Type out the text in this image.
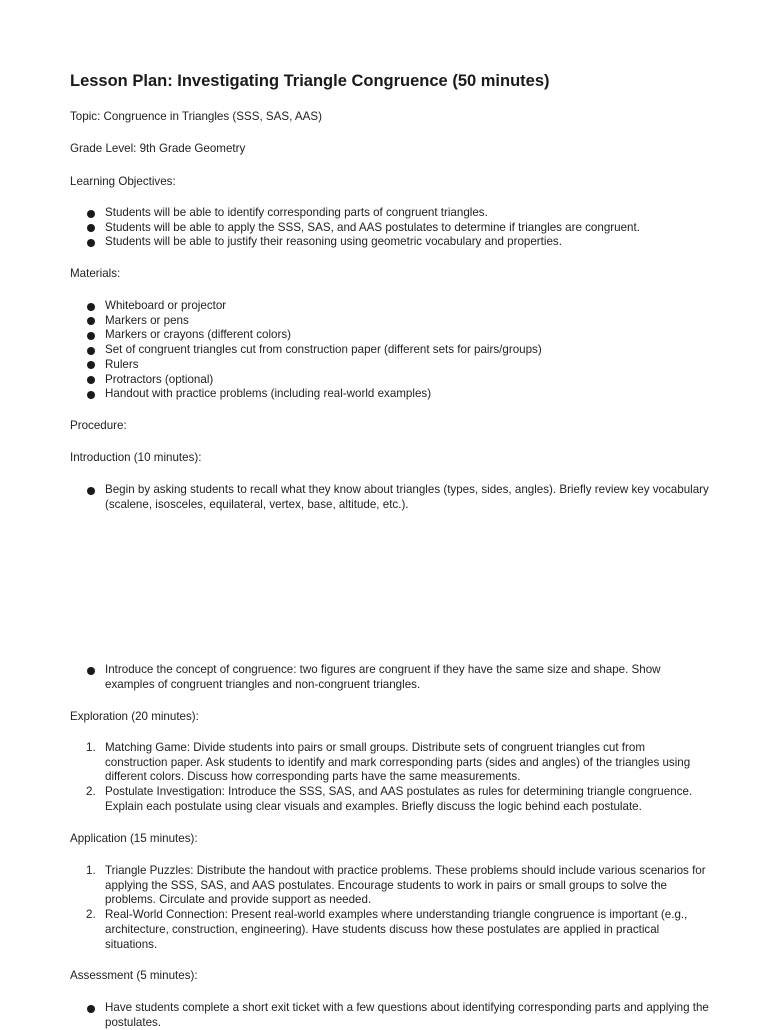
Lesson Plan: Investigating Triangle Congruence (50 minutes)
Topic: Congruence in Triangles (SSS, SAS, AAS)
Grade Level: 9th Grade Geometry
Learning Objectives:
Students will be able to identify corresponding parts of congruent triangles.
Students will be able to apply the SSS, SAS, and AAS postulates to determine if triangles are congruent.
Students will be able to justify their reasoning using geometric vocabulary and properties.
Materials:
Whiteboard or projector
Markers or pens
Markers or crayons (different colors)
Set of congruent triangles cut from construction paper (different sets for pairs/groups)
Rulers
Protractors (optional)
Handout with practice problems (including real-world examples)
Procedure:
Introduction (10 minutes):
Begin by asking students to recall what they know about triangles (types, sides, angles). Briefly review key vocabulary (scalene, isosceles, equilateral, vertex, base, altitude, etc.).
Introduce the concept of congruence: two figures are congruent if they have the same size and shape. Show examples of congruent triangles and non-congruent triangles.
Exploration (20 minutes):
1. Matching Game: Divide students into pairs or small groups. Distribute sets of congruent triangles cut from construction paper. Ask students to identify and mark corresponding parts (sides and angles) of the triangles using different colors. Discuss how corresponding parts have the same measurements.
2. Postulate Investigation: Introduce the SSS, SAS, and AAS postulates as rules for determining triangle congruence. Explain each postulate using clear visuals and examples. Briefly discuss the logic behind each postulate.
Application (15 minutes):
1. Triangle Puzzles: Distribute the handout with practice problems. These problems should include various scenarios for applying the SSS, SAS, and AAS postulates. Encourage students to work in pairs or small groups to solve the problems. Circulate and provide support as needed.
2. Real-World Connection: Present real-world examples where understanding triangle congruence is important (e.g., architecture, construction, engineering). Have students discuss how these postulates are applied in practical situations.
Assessment (5 minutes):
Have students complete a short exit ticket with a few questions about identifying corresponding parts and applying the postulates.
